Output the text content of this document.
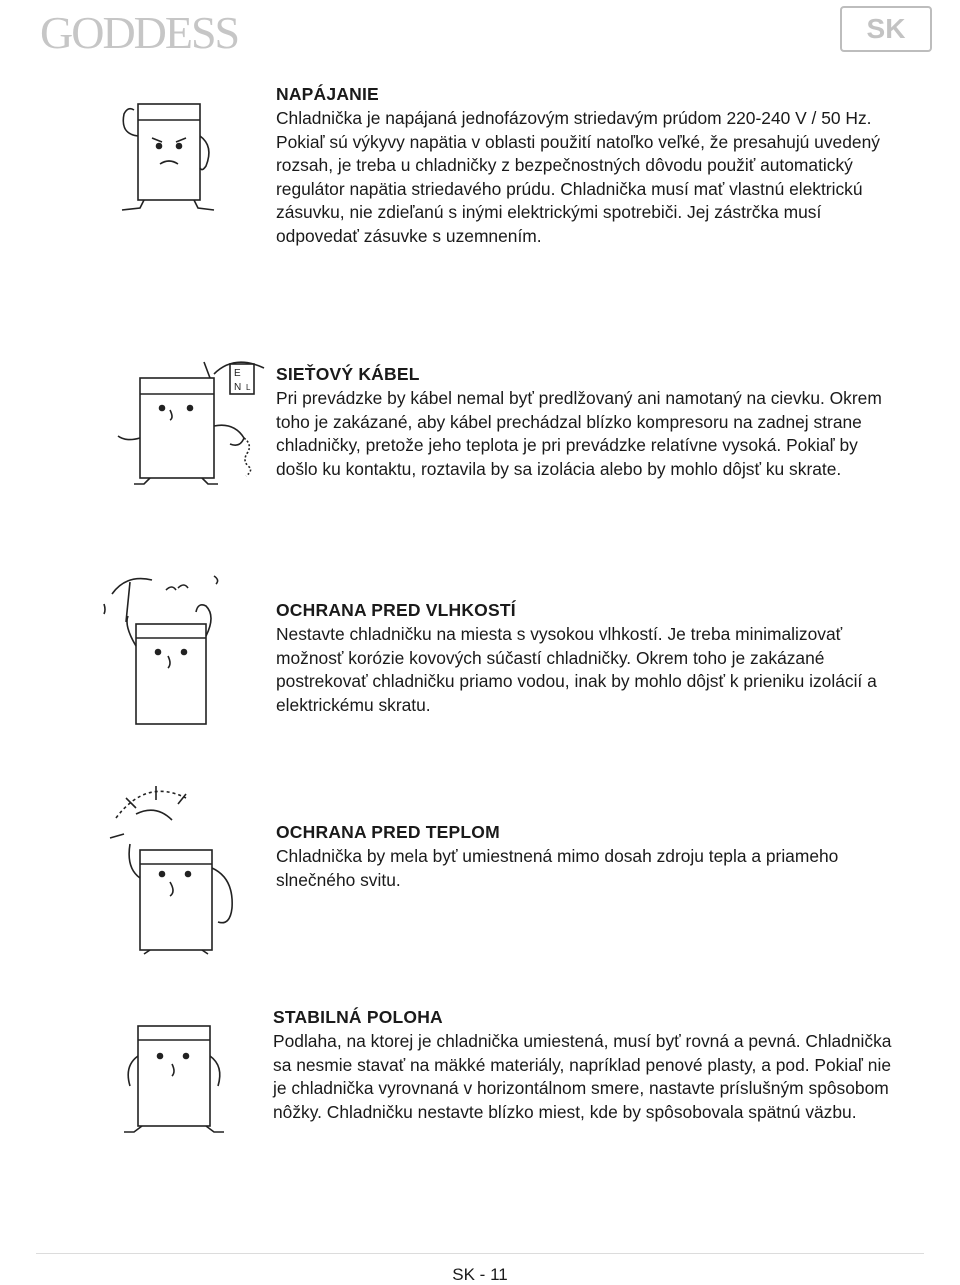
GODDESS	SK
NAPÁJANIE

Chladnička je napájaná jednofázovým striedavým prúdom 220-240 V / 50 Hz. Pokiaľ sú výkyvy napätia v oblasti použití natoľko veľké, že presahujú uvedený rozsah, je treba u chladničky z bezpečnostných dôvodu použiť automatický regulátor napätia striedavého prúdu. Chladnička musí mať vlastnú elektrickú zásuvku, nie zdieľanú s inými elektrickými spotrebiči. Jej zástrčka musí odpovedať zásuvke s uzemnením.

E
N L
SIEŤOVÝ KÁBEL

Pri prevádzke by kábel nemal byť predlžovaný ani namotaný na cievku. Okrem toho je zakázané, aby kábel prechádzal blízko kompresoru na zadnej strane chladničky, pretože jeho teplota je pri prevádzke relatívne vysoká. Pokiaľ by došlo ku kontaktu, roztavila by sa izolácia alebo by mohlo dôjsť ku skrate.

OCHRANA PRED VLHKOSTÍ

Nestavte chladničku na miesta s vysokou vlhkostí. Je treba minimalizovať možnosť korózie kovových súčastí chladničky. Okrem toho je zakázané postrekovať chladničku priamo vodou, inak by mohlo dôjsť k prieniku izolácií a elektrickému skratu.

OCHRANA PRED TEPLOM

Chladnička by mela byť umiestnená mimo dosah zdroju tepla a priameho slnečného svitu.

STABILNÁ POLOHA

Podlaha, na ktorej je chladnička umiestená, musí byť rovná a pevná. Chladnička sa nesmie stavať na mäkké materiály, napríklad penové plasty, a pod. Pokiaľ nie je chladnička vyrovnaná v horizontálnom smere, nastavte príslušným spôsobom nôžky. Chladničku nestavte blízko miest, kde by spôsobovala spätnú väzbu.

SK - 11
